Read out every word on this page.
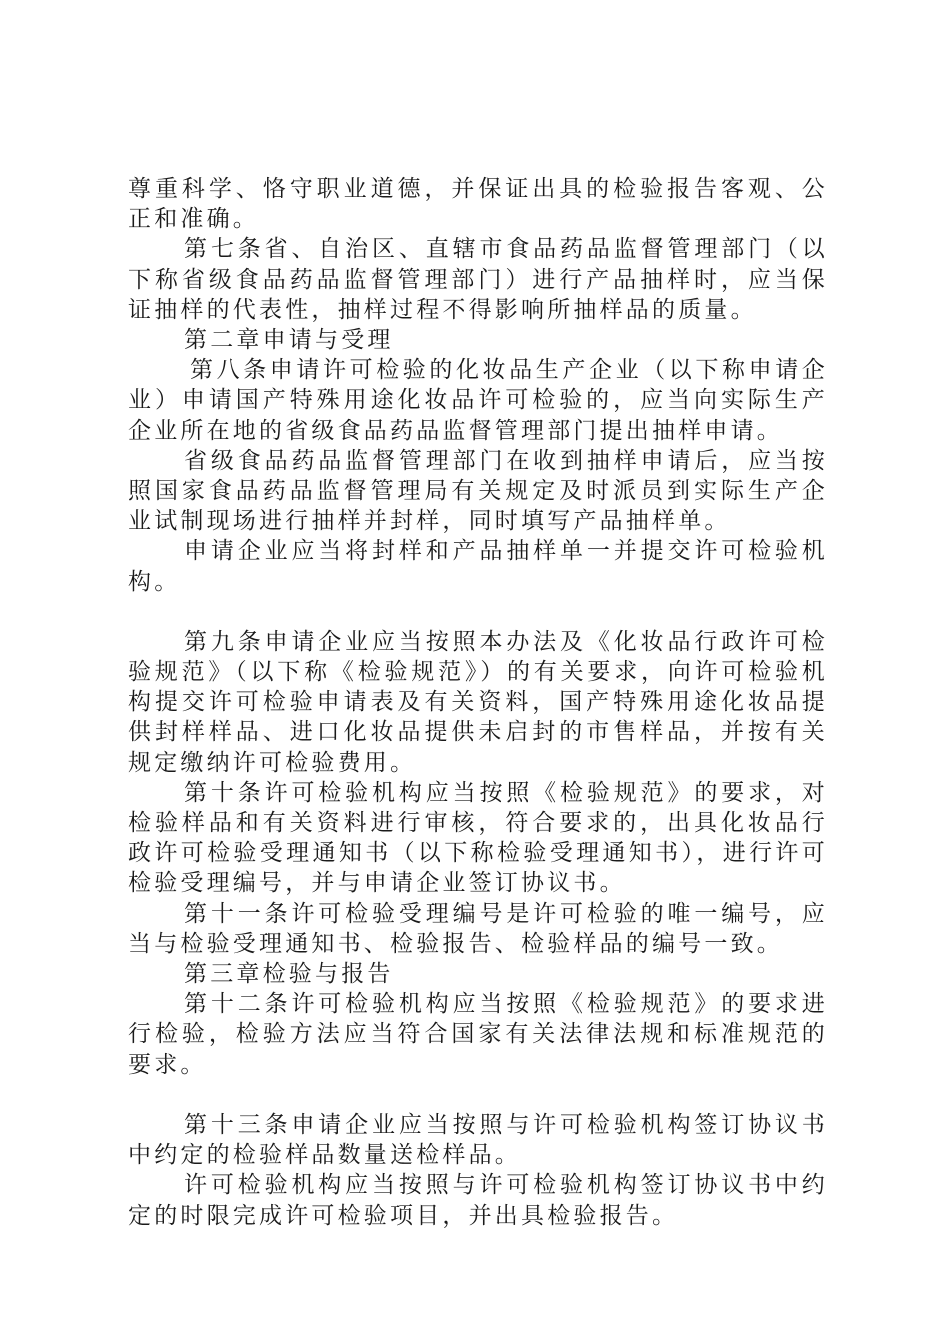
尊重科学、恪守职业道德，并保证出具的检验报告客观、公正和准确。

第七条省、自治区、直辖市食品药品监督管理部门（以下称省级食品药品监督管理部门）进行产品抽样时，应当保证抽样的代表性，抽样过程不得影响所抽样品的质量。

第二章申请与受理

第八条申请许可检验的化妆品生产企业（以下称申请企业）申请国产特殊用途化妆品许可检验的，应当向实际生产企业所在地的省级食品药品监督管理部门提出抽样申请。

省级食品药品监督管理部门在收到抽样申请后，应当按照国家食品药品监督管理局有关规定及时派员到实际生产企业试制现场进行抽样并封样，同时填写产品抽样单。

申请企业应当将封样和产品抽样单一并提交许可检验机构。

第九条申请企业应当按照本办法及《化妆品行政许可检验规范》（以下称《检验规范》）的有关要求，向许可检验机构提交许可检验申请表及有关资料，国产特殊用途化妆品提供封样样品、进口化妆品提供未启封的市售样品，并按有关规定缴纳许可检验费用。

第十条许可检验机构应当按照《检验规范》的要求，对检验样品和有关资料进行审核，符合要求的，出具化妆品行政许可检验受理通知书（以下称检验受理通知书），进行许可检验受理编号，并与申请企业签订协议书。

第十一条许可检验受理编号是许可检验的唯一编号，应当与检验受理通知书、检验报告、检验样品的编号一致。

第三章检验与报告

第十二条许可检验机构应当按照《检验规范》的要求进行检验，检验方法应当符合国家有关法律法规和标准规范的要求。

第十三条申请企业应当按照与许可检验机构签订协议书中约定的检验样品数量送检样品。

许可检验机构应当按照与许可检验机构签订协议书中约定的时限完成许可检验项目，并出具检验报告。
